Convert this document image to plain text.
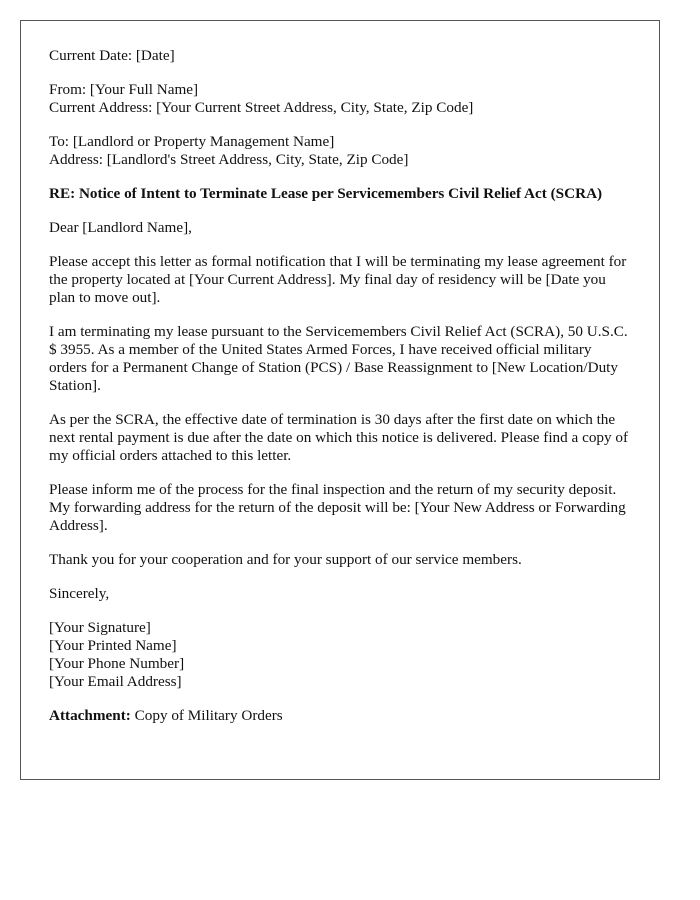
Current Date: [Date]

From: [Your Full Name]
Current Address: [Your Current Street Address, City, State, Zip Code]

To: [Landlord or Property Management Name]
Address: [Landlord's Street Address, City, State, Zip Code]

RE: Notice of Intent to Terminate Lease per Servicemembers Civil Relief Act (SCRA)

Dear [Landlord Name],

Please accept this letter as formal notification that I will be terminating my lease agreement for the property located at [Your Current Address]. My final day of residency will be [Date you plan to move out].

I am terminating my lease pursuant to the Servicemembers Civil Relief Act (SCRA), 50 U.S.C. $ 3955. As a member of the United States Armed Forces, I have received official military orders for a Permanent Change of Station (PCS) / Base Reassignment to [New Location/Duty Station].

As per the SCRA, the effective date of termination is 30 days after the first date on which the next rental payment is due after the date on which this notice is delivered. Please find a copy of my official orders attached to this letter.

Please inform me of the process for the final inspection and the return of my security deposit. My forwarding address for the return of the deposit will be: [Your New Address or Forwarding Address].

Thank you for your cooperation and for your support of our service members.

Sincerely,

[Your Signature]
[Your Printed Name]
[Your Phone Number]
[Your Email Address]

Attachment: Copy of Military Orders
